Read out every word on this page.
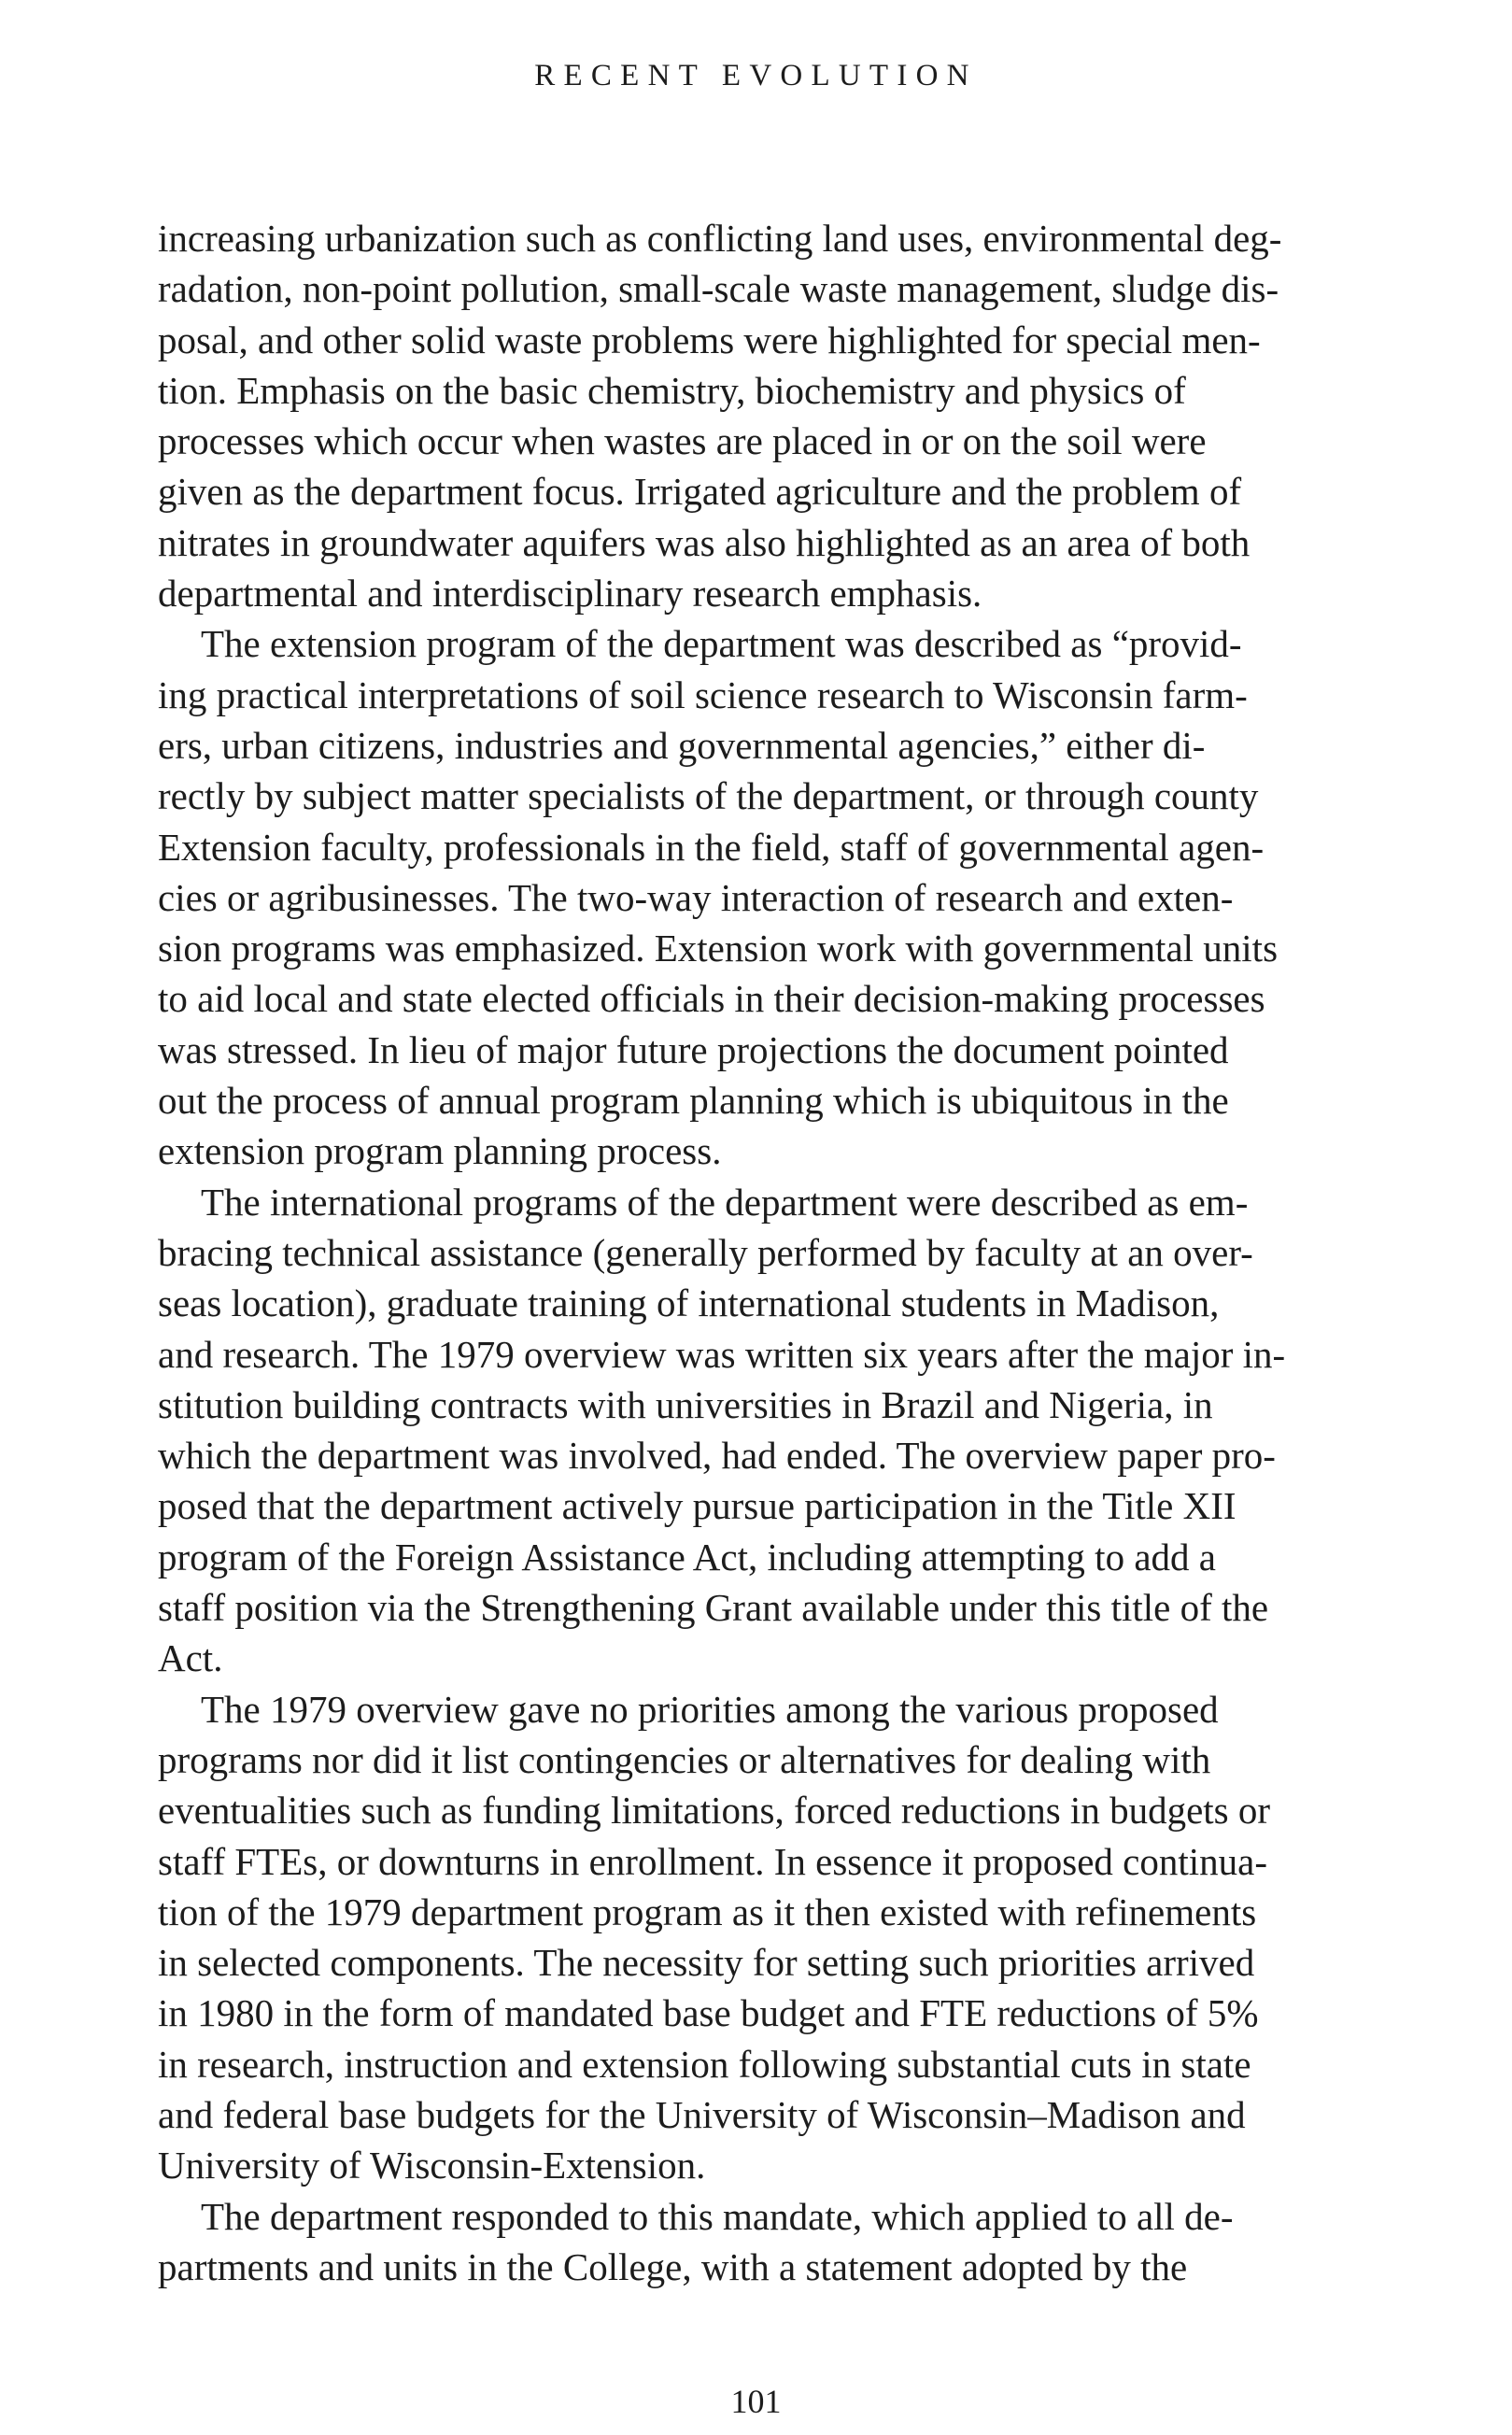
RECENT EVOLUTION
increasing urbanization such as conflicting land uses, environmental deg-
radation, non-point pollution, small-scale waste management, sludge dis-
posal, and other solid waste problems were highlighted for special men-
tion. Emphasis on the basic chemistry, biochemistry and physics of
processes which occur when wastes are placed in or on the soil were
given as the department focus. Irrigated agriculture and the problem of
nitrates in groundwater aquifers was also highlighted as an area of both
departmental and interdisciplinary research emphasis.
The extension program of the department was described as “provid-
ing practical interpretations of soil science research to Wisconsin farm-
ers, urban citizens, industries and governmental agencies,” either di-
rectly by subject matter specialists of the department, or through county
Extension faculty, professionals in the field, staff of governmental agen-
cies or agribusinesses. The two-way interaction of research and exten-
sion programs was emphasized. Extension work with governmental units
to aid local and state elected officials in their decision-making processes
was stressed. In lieu of major future projections the document pointed
out the process of annual program planning which is ubiquitous in the
extension program planning process.
The international programs of the department were described as em-
bracing technical assistance (generally performed by faculty at an over-
seas location), graduate training of international students in Madison,
and research. The 1979 overview was written six years after the major in-
stitution building contracts with universities in Brazil and Nigeria, in
which the department was involved, had ended. The overview paper pro-
posed that the department actively pursue participation in the Title XII
program of the Foreign Assistance Act, including attempting to add a
staff position via the Strengthening Grant available under this title of the
Act.
The 1979 overview gave no priorities among the various proposed
programs nor did it list contingencies or alternatives for dealing with
eventualities such as funding limitations, forced reductions in budgets or
staff FTEs, or downturns in enrollment. In essence it proposed continua-
tion of the 1979 department program as it then existed with refinements
in selected components. The necessity for setting such priorities arrived
in 1980 in the form of mandated base budget and FTE reductions of 5%
in research, instruction and extension following substantial cuts in state
and federal base budgets for the University of Wisconsin–Madison and
University of Wisconsin-Extension.
The department responded to this mandate, which applied to all de-
partments and units in the College, with a statement adopted by the
101
